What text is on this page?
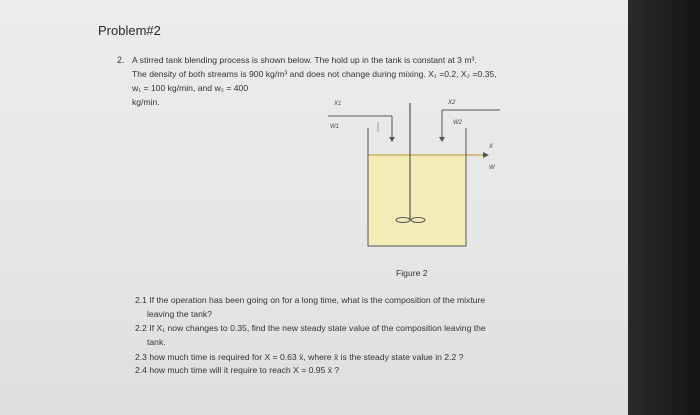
Problem#2
2. A stirred tank blending process is shown below. The hold up in the tank is constant at 3 m³.
The density of both streams is 900 kg/m³ and does not change during mixing. X₁ =0.2, X₂ =0.35,
w₁ = 100 kg/min, and w₂ = 400
kg/min.	X1
W1
X2
W2
X
W
Figure 2
2.1 If the operation has been going on for a long time, what is the composition of the mixture
leaving the tank?
2.2 If X₁ now changes to 0.35, find the new steady state value of the composition leaving the
tank.
2.3 how much time is required for X = 0.63 x̄, where x̄ is the steady state value in 2.2 ?
2.4 how much time will it require to reach X = 0.95 x̄ ?
